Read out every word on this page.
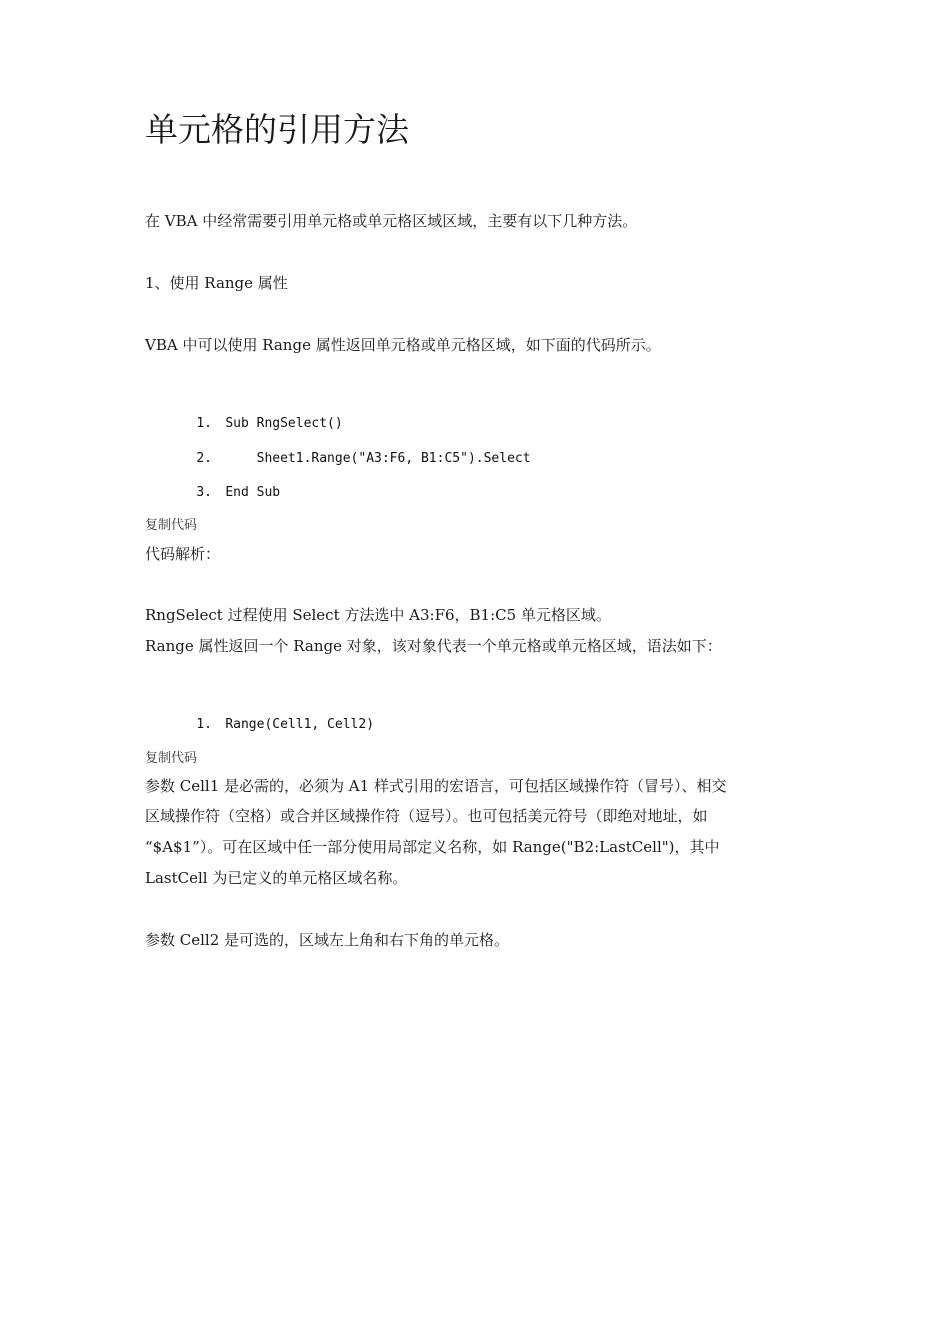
单元格的引用方法

在 VBA 中经常需要引用单元格或单元格区域区域，主要有以下几种方法。

1、使用 Range 属性

VBA 中可以使用 Range 属性返回单元格或单元格区域，如下面的代码所示。

1. Sub RngSelect()

2.    Sheet1.Range("A3:F6, B1:C5").Select

3. End Sub

复制代码

代码解析：

RngSelect 过程使用 Select 方法选中 A3:F6，B1:C5 单元格区域。

Range 属性返回一个 Range 对象，该对象代表一个单元格或单元格区域，语法如下：

1. Range(Cell1, Cell2)

复制代码

参数 Cell1 是必需的，必须为 A1 样式引用的宏语言，可包括区域操作符（冒号）、相交

区域操作符（空格）或合并区域操作符（逗号）。也可包括美元符号（即绝对地址，如

“$A$1”）。可在区域中任一部分使用局部定义名称，如 Range("B2:LastCell")，其中

LastCell 为已定义的单元格区域名称。

参数 Cell2 是可选的，区域左上角和右下角的单元格。
